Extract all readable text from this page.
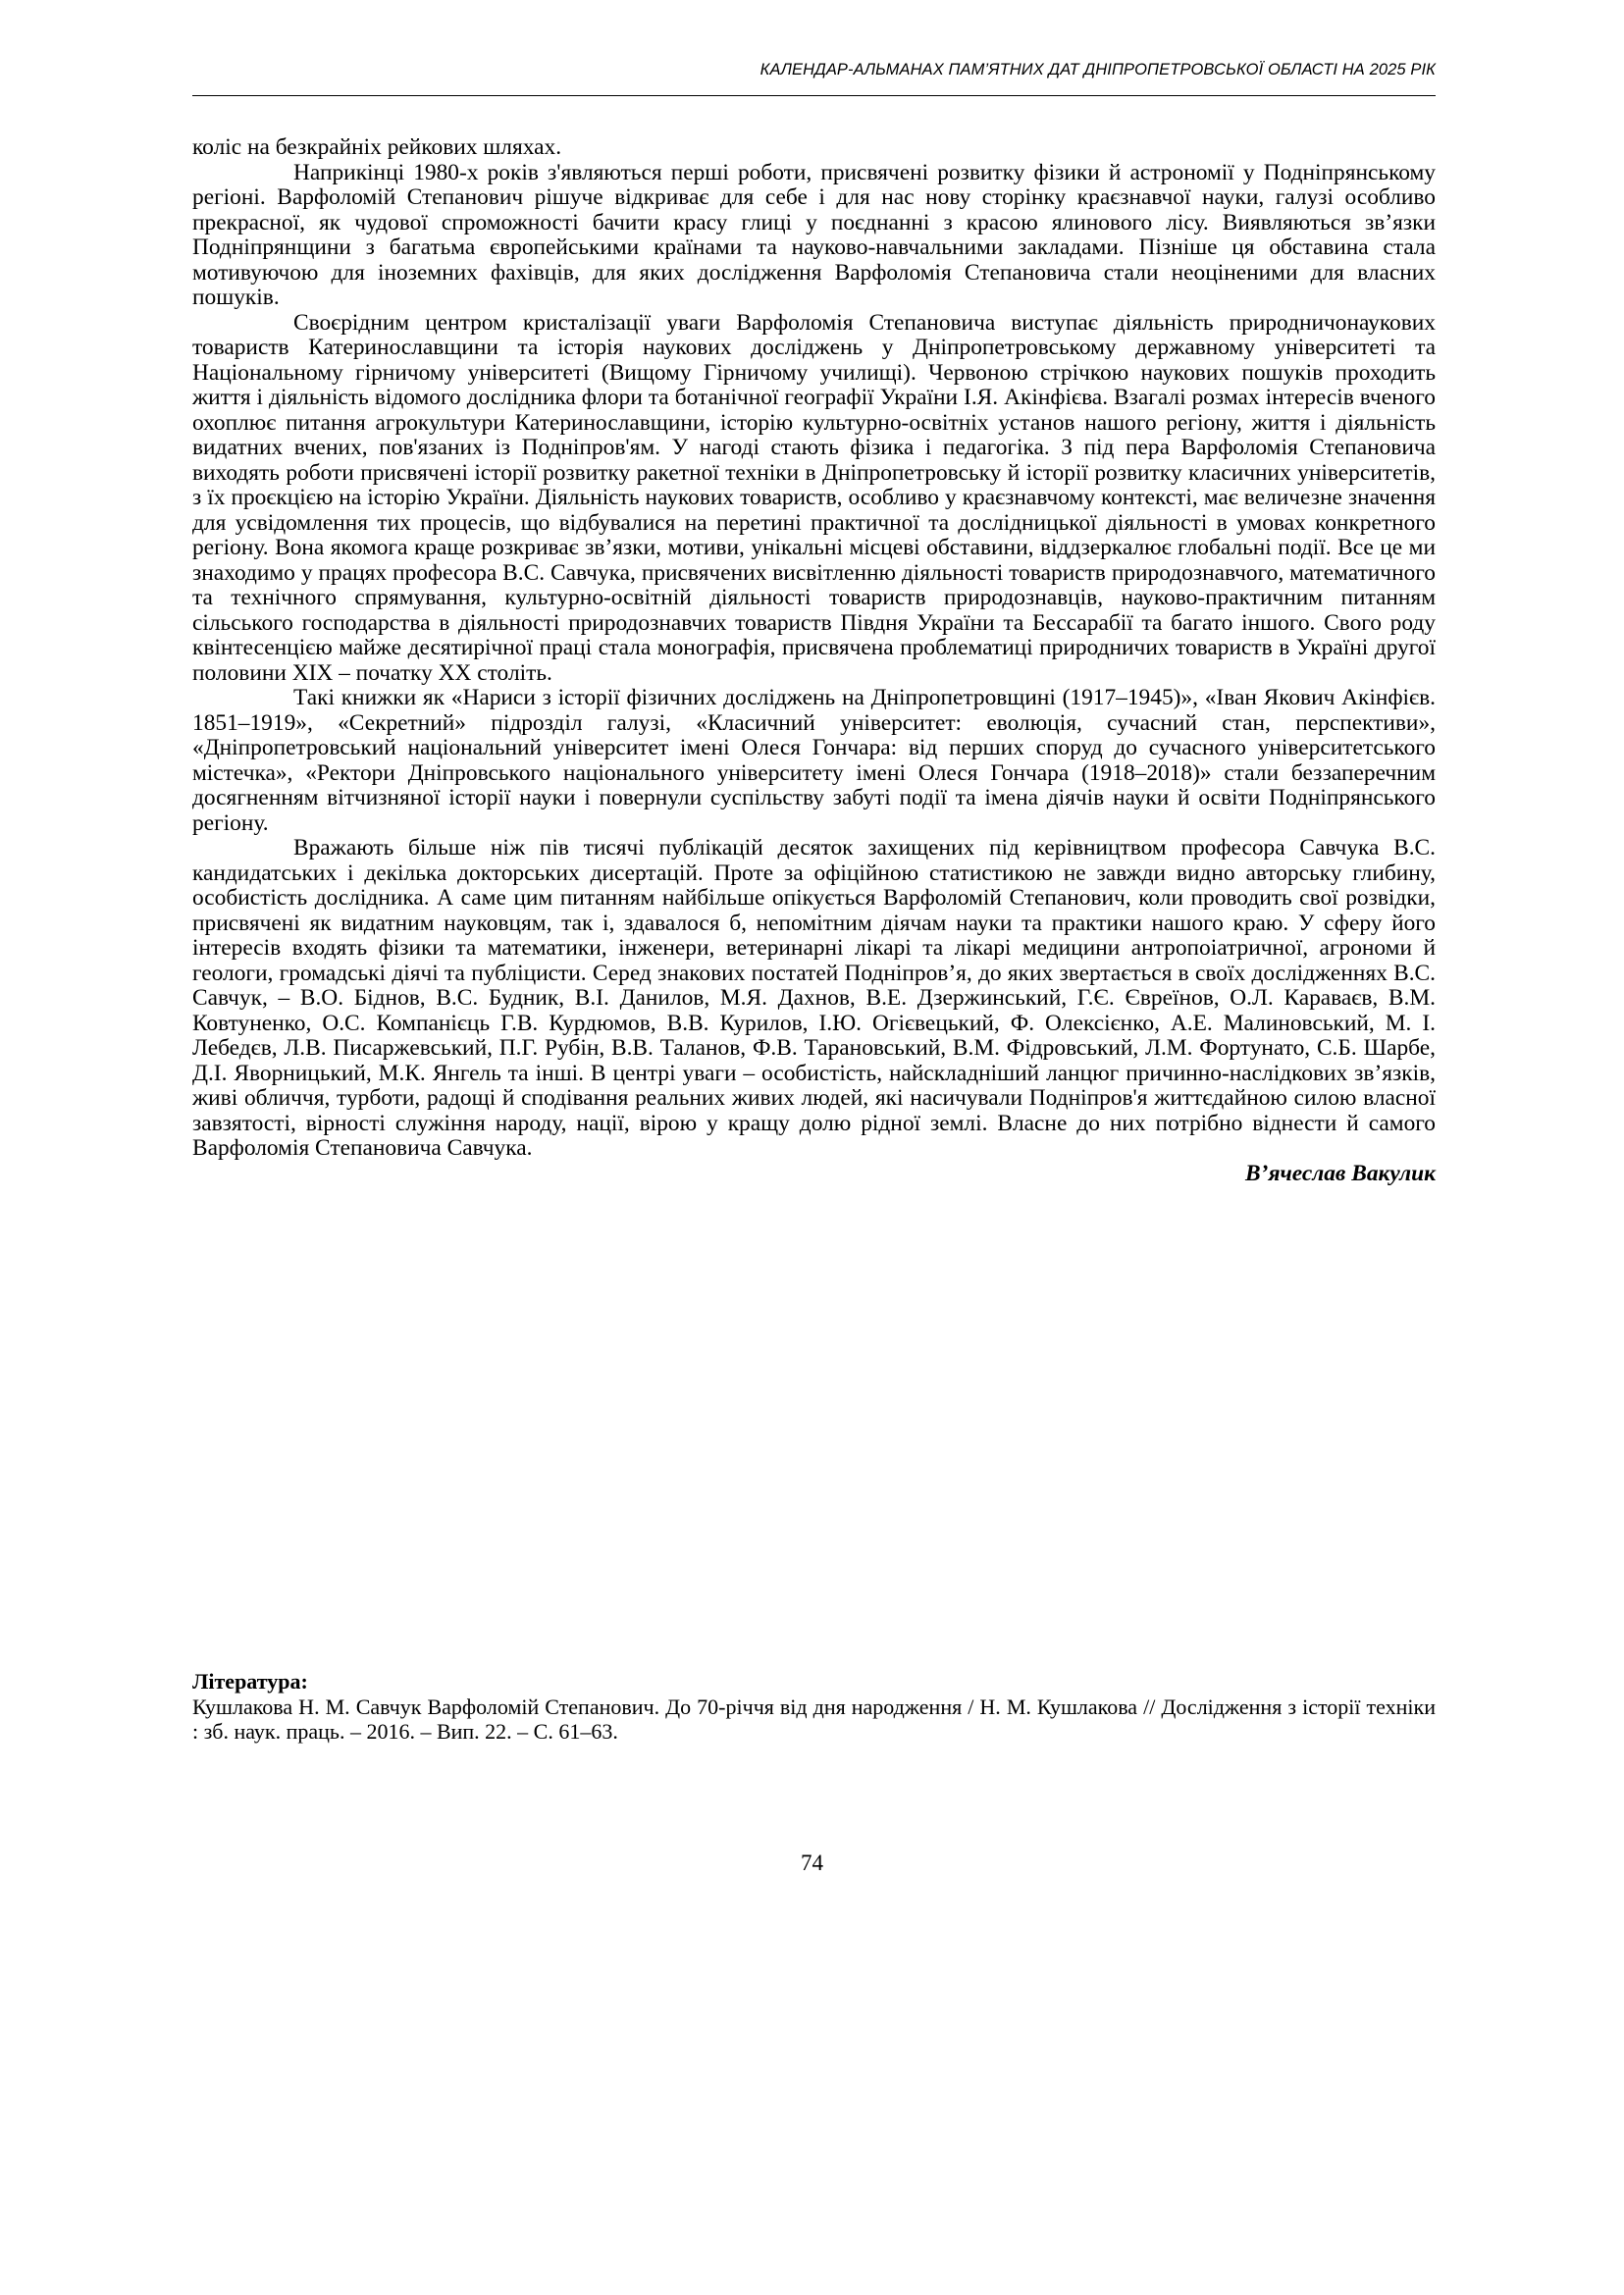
КАЛЕНДАР-АЛЬМАНАХ ПАМ’ЯТНИХ ДАТ ДНІПРОПЕТРОВСЬКОЇ ОБЛАСТІ НА 2025 РІК

коліс на безкрайніх рейкових шляхах.

Наприкінці 1980-х років з'являються перші роботи, присвячені розвитку фізики й астрономії у Подніпрянському регіоні. Варфоломій Степанович рішуче відкриває для себе і для нас нову сторінку краєзнавчої науки, галузі особливо прекрасної, як чудової спроможності бачити красу глиці у поєднанні з красою ялинового лісу. Виявляються зв’язки Подніпрянщини з багатьма європейськими країнами та науково-навчальними закладами. Пізніше ця обставина стала мотивуючою для іноземних фахівців, для яких дослідження Варфоломія Степановича стали неоціненими для власних пошуків.

Своєрідним центром кристалізації уваги Варфоломія Степановича виступає діяльність природничонаукових товариств Катеринославщини та історія наукових досліджень у Дніпропетровському державному університеті та Національному гірничому університеті (Вищому Гірничому училищі). Червоною стрічкою наукових пошуків проходить життя і діяльність відомого дослідника флори та ботанічної географії України І.Я. Акінфієва. Взагалі розмах інтересів вченого охоплює питання агрокультури Катеринославщини, історію культурно-освітніх установ нашого регіону, життя і діяльність видатних вчених, пов'язаних із Подніпров'ям. У нагоді стають фізика і педагогіка. З під пера Варфоломія Степановича виходять роботи присвячені історії розвитку ракетної техніки в Дніпропетровську й історії розвитку класичних університетів, з їх проєкцією на історію України. Діяльність наукових товариств, особливо у краєзнавчому контексті, має величезне значення для усвідомлення тих процесів, що відбувалися на перетині практичної та дослідницької діяльності в умовах конкретного регіону. Вона якомога краще розкриває зв’язки, мотиви, унікальні місцеві обставини, віддзеркалює глобальні події. Все це ми знаходимо у працях професора В.С. Савчука, присвячених висвітленню діяльності товариств природознавчого, математичного та технічного спрямування, культурно-освітній діяльності товариств природознавців, науково-практичним питанням сільського господарства в діяльності природознавчих товариств Півдня України та Бессарабії та багато іншого. Свого роду квінтесенцією майже десятирічної праці стала монографія, присвячена проблематиці природничих товариств в Україні другої половини ХІХ – початку ХХ століть.

Такі книжки як «Нариси з історії фізичних досліджень на Дніпропетровщині (1917–1945)», «Іван Якович Акінфієв. 1851–1919», «Секретний» підрозділ галузі, «Класичний університет: еволюція, сучасний стан, перспективи», «Дніпропетровський національний університет імені Олеся Гончара: від перших споруд до сучасного університетського містечка», «Ректори Дніпровського національного університету імені Олеся Гончара (1918–2018)» стали беззаперечним досягненням вітчизняної історії науки і повернули суспільству забуті події та імена діячів науки й освіти Подніпрянського регіону.

Вражають більше ніж пів тисячі публікацій десяток захищених під керівництвом професора Савчука В.С. кандидатських і декілька докторських дисертацій. Проте за офіційною статистикою не завжди видно авторську глибину, особистість дослідника. А саме цим питанням найбільше опікується Варфоломій Степанович, коли проводить свої розвідки, присвячені як видатним науковцям, так і, здавалося б, непомітним діячам науки та практики нашого краю. У сферу його інтересів входять фізики та математики, інженери, ветеринарні лікарі та лікарі медицини антропоіатричної, агрономи й геологи, громадські діячі та публіцисти. Серед знакових постатей Подніпров’я, до яких звертається в своїх дослідженнях В.С. Савчук, – В.О. Біднов, В.С. Будник, В.І. Данилов, М.Я. Дахнов, В.Е. Дзержинський, Г.Є. Євреїнов, О.Л. Караваєв, В.М. Ковтуненко, О.С. Компанієць Г.В. Курдюмов, В.В. Курилов, І.Ю. Огієвецький, Ф. Олексієнко, А.Е. Малиновський, М. І. Лебедєв, Л.В. Писаржевський, П.Г. Рубін, В.В. Таланов, Ф.В. Тарановський, В.М. Фідровський, Л.М. Фортунато, С.Б. Шарбе, Д.І. Яворницький, М.К. Янгель та інші. В центрі уваги – особистість, найскладніший ланцюг причинно-наслідкових зв’язків, живі обличчя, турботи, радощі й сподівання реальних живих людей, які насичували Подніпров'я життєдайною силою власної завзятості, вірності служіння народу, нації, вірою у кращу долю рідної землі. Власне до них потрібно віднести й самого Варфоломія Степановича Савчука.

В’ячеслав Вакулик

Література:

Кушлакова Н. М. Савчук Варфоломій Степанович. До 70-річчя від дня народження / Н. М. Кушлакова // Дослідження з історії техніки : зб. наук. праць. – 2016. – Вип. 22. – С. 61–63.

74
